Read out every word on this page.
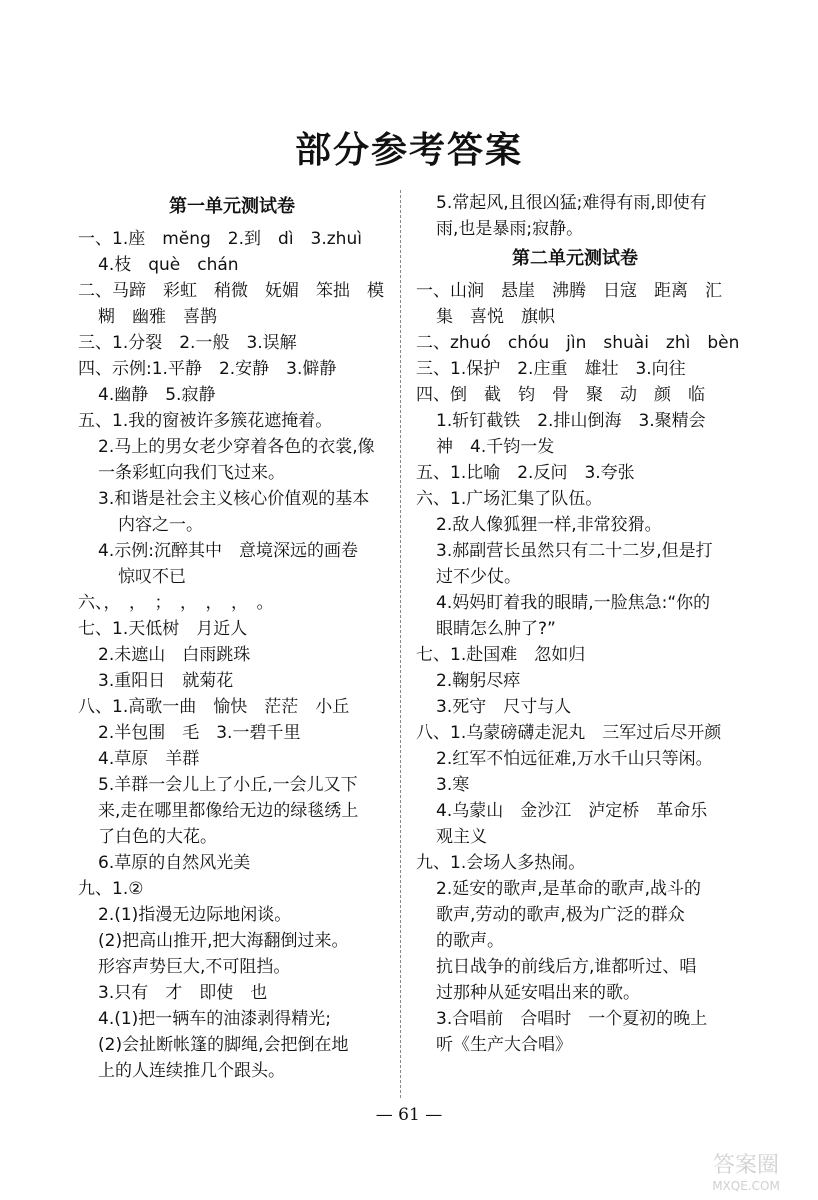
部分参考答案
第一单元测试卷
一、1.座　mĕng　2.到　dì　3.zhuì
4.枝　què　chán
二、马蹄　彩虹　稍微　妩媚　笨拙　模
糊　幽雅　喜鹊
三、1.分裂　2.一般　3.误解
四、示例:1.平静　2.安静　3.僻静
4.幽静　5.寂静
五、1.我的窗被许多簇花遮掩着。
2.马上的男女老少穿着各色的衣裳,像
一条彩虹向我们飞过来。
3.和谐是社会主义核心价值观的基本
内容之一。
4.示例:沉醉其中　意境深远的画卷
惊叹不已
六、，　，　；　，　，　，　。
七、1.天低树　月近人
2.未遮山　白雨跳珠
3.重阳日　就菊花
八、1.高歌一曲　愉快　茫茫　小丘
2.半包围　毛　3.一碧千里
4.草原　羊群
5.羊群一会儿上了小丘,一会儿又下
来,走在哪里都像给无边的绿毯绣上
了白色的大花。
6.草原的自然风光美
九、1.②
2.(1)指漫无边际地闲谈。
(2)把高山推开,把大海翻倒过来。
形容声势巨大,不可阻挡。
3.只有　才　即使　也
4.(1)把一辆车的油漆剥得精光;
(2)会扯断帐篷的脚绳,会把倒在地
上的人连续推几个跟头。
5.常起风,且很凶猛;难得有雨,即使有
雨,也是暴雨;寂静。
第二单元测试卷
一、山涧　悬崖　沸腾　日寇　距离　汇
集　喜悦　旗帜
二、zhuó　chóu　jìn　shuài　zhì　bèn
三、1.保护　2.庄重　雄壮　3.向往
四、倒　截　钧　骨　聚　动　颜　临
1.斩钉截铁　2.排山倒海　3.聚精会
神　4.千钧一发
五、1.比喻　2.反问　3.夸张
六、1.广场汇集了队伍。
2.敌人像狐狸一样,非常狡猾。
3.郝副营长虽然只有二十二岁,但是打
过不少仗。
4.妈妈盯着我的眼睛,一脸焦急:“你的
眼睛怎么肿了?”
七、1.赴国难　忽如归
2.鞠躬尽瘁
3.死守　尺寸与人
八、1.乌蒙磅礴走泥丸　三军过后尽开颜
2.红军不怕远征难,万水千山只等闲。
3.寒
4.乌蒙山　金沙江　泸定桥　革命乐
观主义
九、1.会场人多热闹。
2.延安的歌声,是革命的歌声,战斗的
歌声,劳动的歌声,极为广泛的群众
的歌声。
抗日战争的前线后方,谁都听过、唱
过那种从延安唱出来的歌。
3.合唱前　合唱时　一个夏初的晚上
听《生产大合唱》
— 61 —
答案圈
MXQE.COM
